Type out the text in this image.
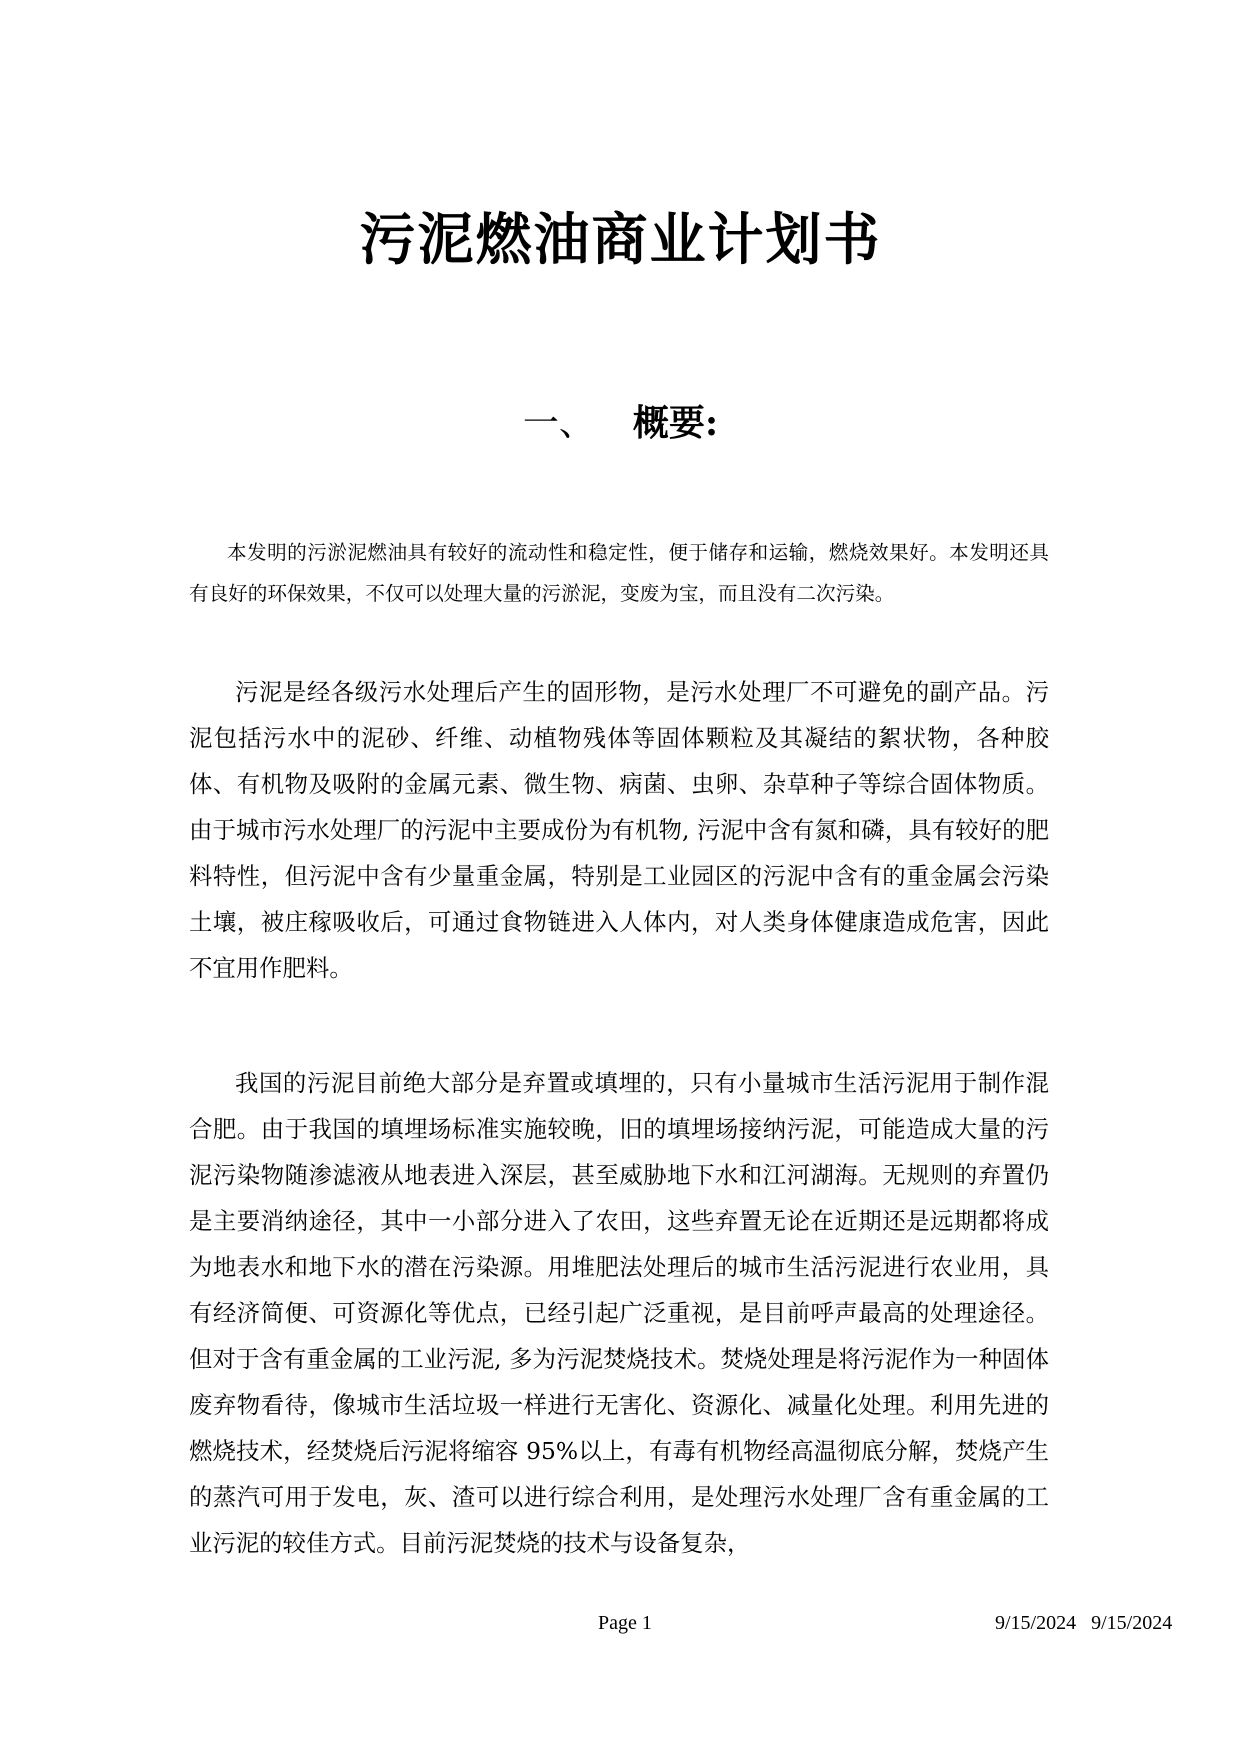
污泥燃油商业计划书
一、 概要:

本发明的污淤泥燃油具有较好的流动性和稳定性，便于储存和运输，燃烧效果好。本发明还具有良好的环保效果，不仅可以处理大量的污淤泥，变废为宝，而且没有二次污染。

污泥是经各级污水处理后产生的固形物，是污水处理厂不可避免的副产品。污泥包括污水中的泥砂、纤维、动植物残体等固体颗粒及其凝结的絮状物，各种胶体、有机物及吸附的金属元素、微生物、病菌、虫卵、杂草种子等综合固体物质。由于城市污水处理厂的污泥中主要成份为有机物, 污泥中含有氮和磷，具有较好的肥料特性，但污泥中含有少量重金属，特别是工业园区的污泥中含有的重金属会污染土壤，被庄稼吸收后，可通过食物链进入人体内，对人类身体健康造成危害，因此不宜用作肥料。

我国的污泥目前绝大部分是弃置或填埋的，只有小量城市生活污泥用于制作混合肥。由于我国的填埋场标准实施较晚，旧的填埋场接纳污泥，可能造成大量的污泥污染物随渗滤液从地表进入深层，甚至威胁地下水和江河湖海。无规则的弃置仍是主要消纳途径，其中一小部分进入了农田，这些弃置无论在近期还是远期都将成为地表水和地下水的潜在污染源。用堆肥法处理后的城市生活污泥进行农业用，具有经济简便、可资源化等优点，已经引起广泛重视，是目前呼声最高的处理途径。但对于含有重金属的工业污泥, 多为污泥焚烧技术。焚烧处理是将污泥作为一种固体废弃物看待，像城市生活垃圾一样进行无害化、资源化、减量化处理。利用先进的燃烧技术，经焚烧后污泥将缩容 95%以上，有毒有机物经高温彻底分解，焚烧产生的蒸汽可用于发电，灰、渣可以进行综合利用，是处理污水处理厂含有重金属的工业污泥的较佳方式。目前污泥焚烧的技术与设备复杂，

Page 1	9/15/2024   9/15/2024
